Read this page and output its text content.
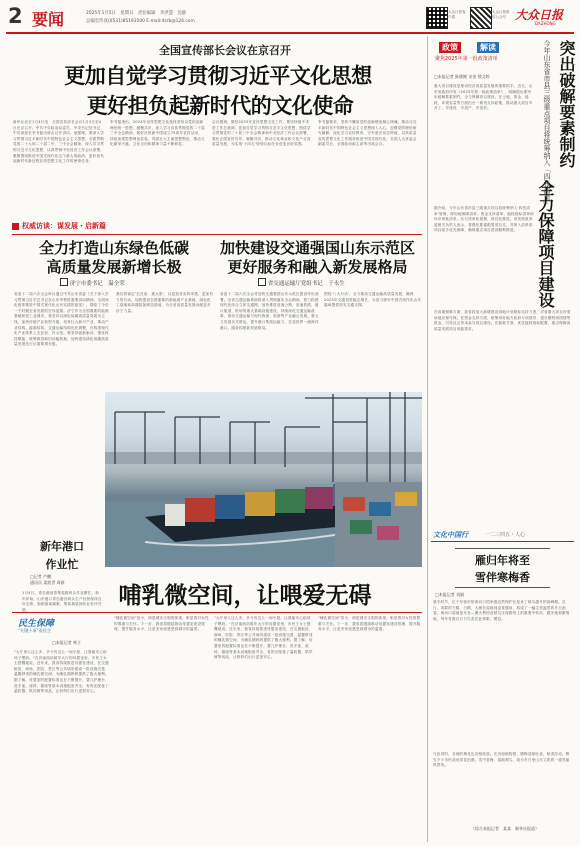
2 要闻	2025年1月5日　星期日　责任编辑　李洪慧　沈静
总编室传真(0531)85193500 E-mail:dzrb@126.com
大众日报客户端
大众日报微信公众号 大众日报
DAZHONG
全国宣传部长会议在京召开
更加自觉学习贯彻习近平文化思想
更好担负起新时代的文化使命
新华社北京1月4日电　全国宣传部长会议1月3日至4日在京召开。中共中央政治局委员、中央书记处书记、中宣部部长李书磊出席会议并讲话。他强调，要深入学习贯彻习近平新时代中国特色社会主义思想，全面贯彻党的二十大和二十届二中、三中全会精神，深入学习贯彻习近平文化思想，认真贯彻中央经济工作会议部署，紧紧围绕推进中国式现代化这个最大的政治，更好担负起新时代新征程宣传思想文化工作的使命任务。
李书磊指出，2024年宣传思想文化战线坚持以党的创新理论统一思想、凝聚共识，深入学习宣传贯彻党的二十届三中全会精神，做好庆祝新中国成立75周年宣传活动，持续加强思想理论武装，巩固壮大主流思想舆论，推动文化繁荣兴盛，文化自信和精神力量不断彰显。
会议强调，做好2025年宣传思想文化工作，要坚持稳中求进工作总基调，更加自觉学习贯彻习近平文化思想，围绕学习贯彻党的二十届三中全会精神和中央经济工作会议部署，强化正面宣传引导，凝聚共识，推动文化事业和文化产业高质量发展，为实现'十四五'规划目标任务营造良好氛围。
李书磊要求，坚持不懈用党的创新理论凝心铸魂，推动习近平新时代中国特色社会主义思想深入人心，加强党的理论研究阐释，深化学习宣传教育，守牢意识形态阵地，以高质量宣传思想文化工作服务推进中国式现代化。全国人大常委会副委员长、全国政协副主席等出席会议。
权威访谈：谋发展・启新篇
全力打造山东绿色低碳
高质量发展新增长极
济宁市委书记　温全荣
加快建设交通强国山东示范区
更好服务和融入新发展格局
省交通运输厅党组书记　于永生
省委十二届六次全会审议通过中共山东省委《关于深入学习贯彻习近平总书记在山东考察时重要讲话精神、全面深化改革推进中国式现代化山东实践的意见》，描绘了今后一个时期全省发展的宏伟蓝图。济宁作为全国重要的能源基地和老工业城市，将坚持以绿色低碳高质量发展为主线，加快传统产业转型升级，培育壮大新兴产业，推动产业结构、能源结构、交通运输结构优化调整，在构建现代化产业体系上走在前、作示范。要坚持创新驱动，强化科技赋能，统筹推进新旧动能转换，加快建设绿色低碳高质量发展先行区重要增长极。
我们将锚定'走在前、挑大梁'，以更加务实的举措、更加有力的行动，加快建设全国重要的新能源产业基地、绿色化工基地和高端装备制造基地，为全省高质量发展贡献更多济宁力量。
省委十二届六次全会对加快交通强国山东示范区建设作出部署。全省交通运输系统将深入贯彻落实全会精神，着力构建现代化综合立体交通网，加快推进高速公路、高速铁路、港口航道、机场等重大基础设施建设，持续深化交通运输改革，推动交通运输与现代物流、旅游等产业融合发展。要大力发展多式联运，提升港口集疏运能力，打造世界一流海洋港口，服务构建新发展格局。
围绕'八大行动'，全力推动交通运输高质量发展，确保2025年交通投资稳定增长，为奋力谱写中国式现代化山东篇章提供坚实交通支撑。
新年港口
作业忙
□记者 卢鹏
通讯员 姜波世 周源
1月4日，青岛港前湾集装箱码头作业繁忙。新年伊始，山东港口青岛港各码头生产经营保持良好态势，船舶靠离频繁，集装箱装卸作业有序开展。
哺乳微空间，让喂爱无碍
民生保障
"关键小事"看民生
□本报记者 林立
"大厅里人这么多，多亏有这么一间小屋，让我能安心给孩子喂奶。"在济南西站候车大厅的母婴室里，市民王女士感慨地说。近年来，我省持续推进母婴室建设，在交通枢纽、商场、医院、景区等公共场所建成一批设施完善、温馨舒适的哺乳微空间，为哺乳期妈妈提供了极大便利。据了解，母婴室的配置标准也在不断提升，婴儿护理台、洗手池、座椅、插座等基本设施配备齐全，有的还配备了温奶器、纸尿裤等用品，让妈妈们出行更加安心。
"哺乳微空间"虽小，却是城市文明的体现，彰显着对女性的尊重与关怀。下一步，我省将继续推动母婴室建设管理，提升服务水平，让更多家庭感受到城市的温度。
"大厅里人这么多，多亏有这么一间小屋，让我能安心给孩子喂奶。"在济南西站候车大厅的母婴室里，市民王女士感慨地说。近年来，我省持续推进母婴室建设，在交通枢纽、商场、医院、景区等公共场所建成一批设施完善、温馨舒适的哺乳微空间，为哺乳期妈妈提供了极大便利。据了解，母婴室的配置标准也在不断提升，婴儿护理台、洗手池、座椅、插座等基本设施配备齐全，有的还配备了温奶器、纸尿裤等用品，让妈妈们出行更加安心。
"哺乳微空间"虽小，却是城市文明的体现，彰显着对女性的尊重与关怀。下一步，我省将继续推动母婴室建设管理，提升服务水平，让更多家庭感受到城市的温度。
政策	解读
聚焦2025年第一批政策清单	突出破解要素制约
全力保障项目建设
今年山东省市县三级重点项目将统筹纳入「四张清单」
□本报记者 陈晓婉 宋金 徐文婷
重大项目建设是推动经济高质量发展的重要抓手。近日，山东省政府印发《2025年第一批政策清单》，明确提出要突出破解要素制约，全力保障项目建设。在土地、资金、能耗、环境容量等方面出台一系列支持政策，推动重大项目早开工、早建设、早投产、早见效。
据介绍，今年山东省市县三级重点项目将统筹纳入'四张清单'管理，即用地保障清单、资金支持清单、能耗指标清单和环评审批清单，实行清单化管理、项目化推进。省发展改革委相关负责人表示，将强化要素跟着项目走，对纳入清单的项目给予优先保障，确保重点项目建设顺利推进。
在用地保障方面，我省将加大新增建设用地计划指标支持力度，对省重大项目所需用地应保尽保。在资金支持方面，统筹用好地方政府专项债券、超长期特别国债等资金，引导社会资本参与项目建设。在能耗方面，优化能耗指标配置，重点保障高质量发展项目用能需求。
文化中国行	一二三四五・人心
雁归年将至
雪伴寒梅香
□本报记者 刘娟
寒冬时节，位于东营市的黄河口国家级自然保护区迎来了候鸟越冬的高峰期。近日，成群的天鹅、白鹤、大雁在湿地间觅食嬉戏，构成了一幅生机盎然的冬日画卷。黄河口湿地是东亚—澳大利西亚候鸟迁徙路线上的重要中转站、越冬地和繁殖地，每年有数百万只鸟类在此停歇、栖息。
与此同时，各地的梅花也竞相绽放。在济南植物园，腊梅迎寒吐蕊，暗香浮动，吸引不少市民前来赏花拍照。雪中赏梅、湿地观鸟，成为冬日里山东文旅的一道亮丽风景线。
（综合本报记者　某某　新华社报道）
